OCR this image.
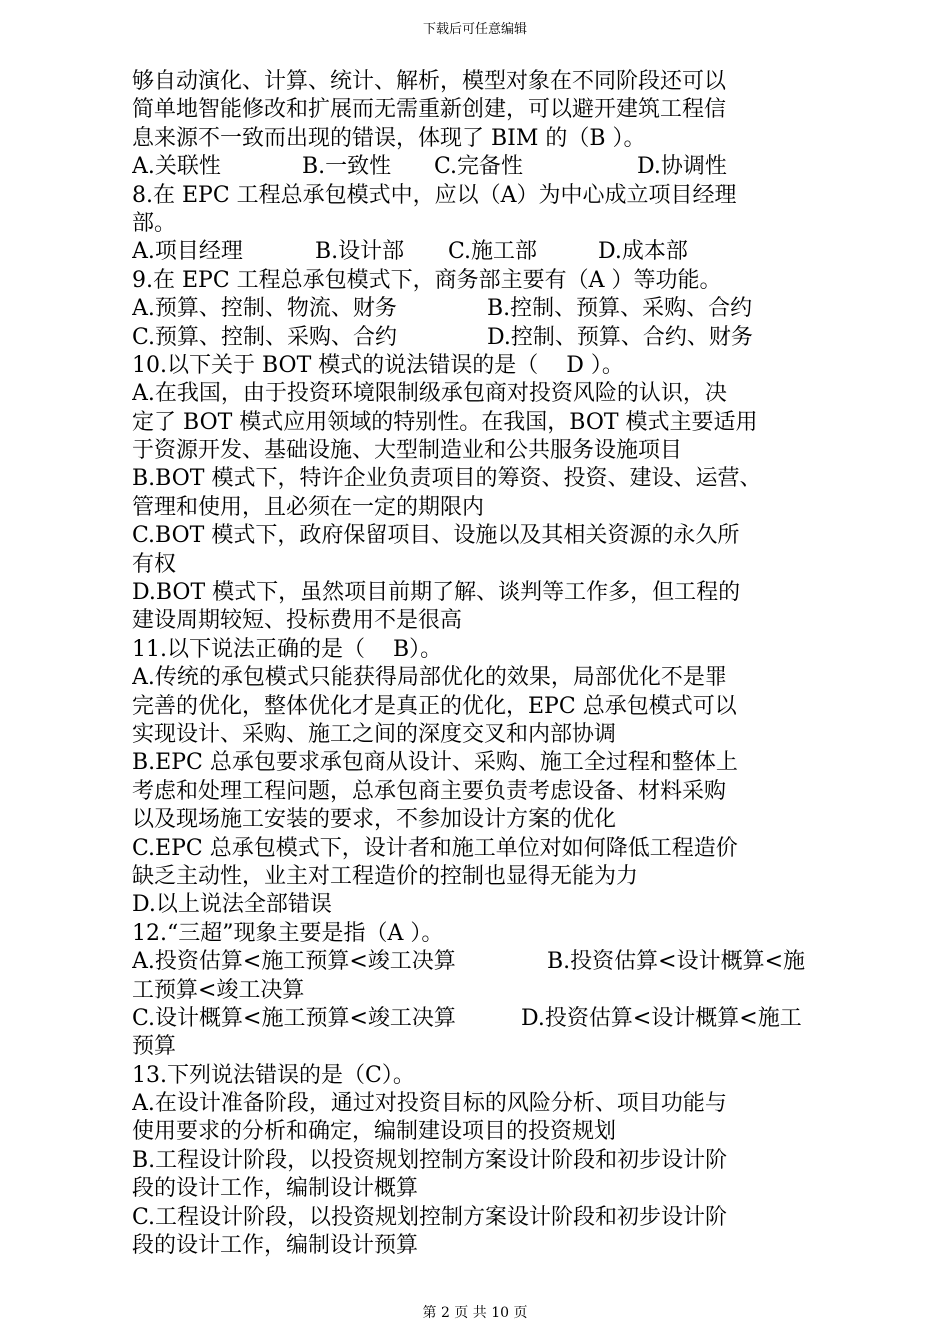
下载后可任意编辑
够自动演化、计算、统计、解析，模型对象在不同阶段还可以
简单地智能修改和扩展而无需重新创建，可以避开建筑工程信
息来源不一致而出现的错误，体现了 BIM 的（B ）。
A.关联性	B.一致性 C.完备性	D.协调性
8.在 EPC 工程总承包模式中，应以（A）为中心成立项目经理
部。
A.项目经理	B.设计部 C.施工部	D.成本部
9.在 EPC 工程总承包模式下，商务部主要有（A ）等功能。
A.预算、控制、物流、财务	B.控制、预算、采购、合约
C.预算、控制、采购、合约	D.控制、预算、合约、财务
10.以下关于 BOT 模式的说法错误的是（    D ）。
A.在我国，由于投资环境限制级承包商对投资风险的认识，决
定了 BOT 模式应用领域的特别性。在我国，BOT 模式主要适用
于资源开发、基础设施、大型制造业和公共服务设施项目
B.BOT 模式下，特许企业负责项目的筹资、投资、建设、运营、
管理和使用，且必须在一定的期限内
C.BOT 模式下，政府保留项目、设施以及其相关资源的永久所
有权
D.BOT 模式下，虽然项目前期了解、谈判等工作多，但工程的
建设周期较短、投标费用不是很高
11.以下说法正确的是（    B）。
A.传统的承包模式只能获得局部优化的效果，局部优化不是罪
完善的优化，整体优化才是真正的优化，EPC 总承包模式可以
实现设计、采购、施工之间的深度交叉和内部协调
B.EPC 总承包要求承包商从设计、采购、施工全过程和整体上
考虑和处理工程问题，总承包商主要负责考虑设备、材料采购
以及现场施工安装的要求，不参加设计方案的优化
C.EPC 总承包模式下，设计者和施工单位对如何降低工程造价
缺乏主动性，业主对工程造价的控制也显得无能为力
D.以上说法全部错误
12.“三超”现象主要是指（A ）。
A.投资估算<施工预算<竣工决算	B.投资估算<设计概算<施
工预算<竣工决算
C.设计概算<施工预算<竣工决算	D.投资估算<设计概算<施工
预算
13.下列说法错误的是（C）。
A.在设计准备阶段，通过对投资目标的风险分析、项目功能与
使用要求的分析和确定，编制建设项目的投资规划
B.工程设计阶段，以投资规划控制方案设计阶段和初步设计阶
段的设计工作，编制设计概算
C.工程设计阶段，以投资规划控制方案设计阶段和初步设计阶
段的设计工作，编制设计预算
第 2 页 共 10 页
